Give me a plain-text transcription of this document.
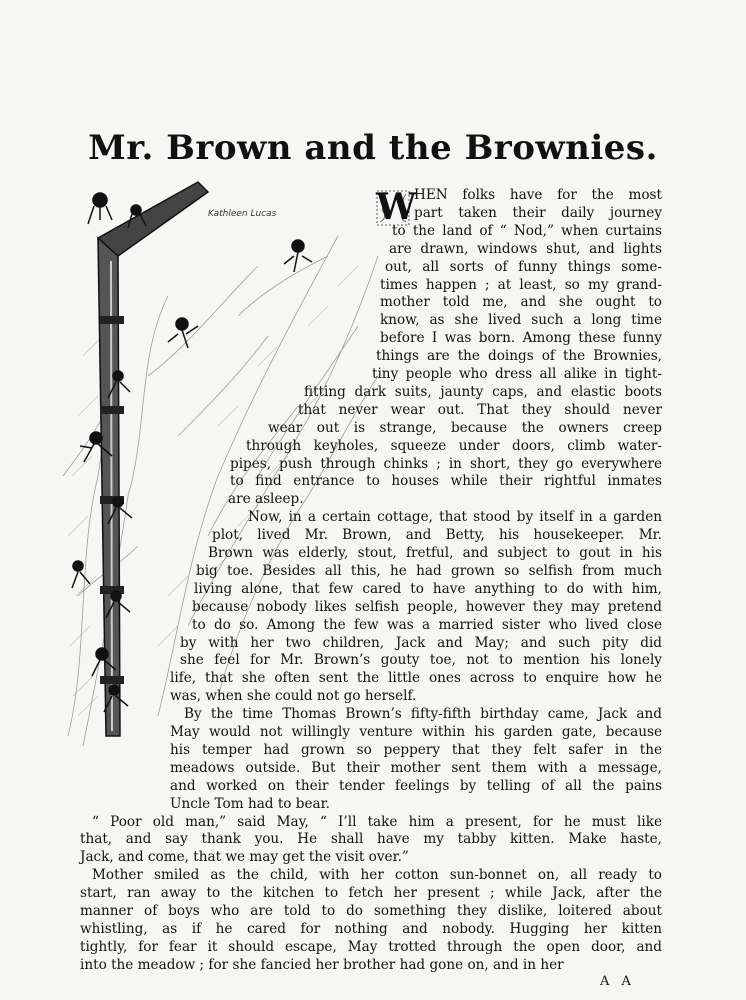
Mr. Brown and the Brownies.
Kathleen Lucas	W
HEN folks have for the most
part taken their daily journey
to the land of “ Nod,” when curtains
are drawn, windows shut, and lights
out, all sorts of funny things some-
times happen ; at least, so my grand-
mother told me, and she ought to
know, as she lived such a long time
before I was born. Among these funny
things are the doings of the Brownies,
tiny people who dress all alike in tight-
fitting dark suits, jaunty caps, and elastic boots
that never wear out. That they should never
wear out is strange, because the owners creep
through keyholes, squeeze under doors, climb water-
pipes, push through chinks ; in short, they go everywhere
to find entrance to houses while their rightful inmates
are asleep.
Now, in a certain cottage, that stood by itself in a garden
plot, lived Mr. Brown, and Betty, his housekeeper. Mr.
Brown was elderly, stout, fretful, and subject to gout in his
big toe. Besides all this, he had grown so selfish from much
living alone, that few cared to have anything to do with him,
because nobody likes selfish people, however they may pretend
to do so. Among the few was a married sister who lived close
by with her two children, Jack and May; and such pity did
she feel for Mr. Brown’s gouty toe, not to mention his lonely
life, that she often sent the little ones across to enquire how he
was, when she could not go herself.
By the time Thomas Brown’s fifty-fifth birthday came, Jack and
May would not willingly venture within his garden gate, because
his temper had grown so peppery that they felt safer in the
meadows outside. But their mother sent them with a message,
and worked on their tender feelings by telling of all the pains
Uncle Tom had to bear.
“ Poor old man,” said May, “ I’ll take him a present, for he must like
that, and say thank you. He shall have my tabby kitten. Make haste,
Jack, and come, that we may get the visit over.”
Mother smiled as the child, with her cotton sun-bonnet on, all ready to
start, ran away to the kitchen to fetch her present ; while Jack, after the
manner of boys who are told to do something they dislike, loitered about
whistling, as if he cared for nothing and nobody. Hugging her kitten
tightly, for fear it should escape, May trotted through the open door, and
into the meadow ; for she fancied her brother had gone on, and in her
A A
